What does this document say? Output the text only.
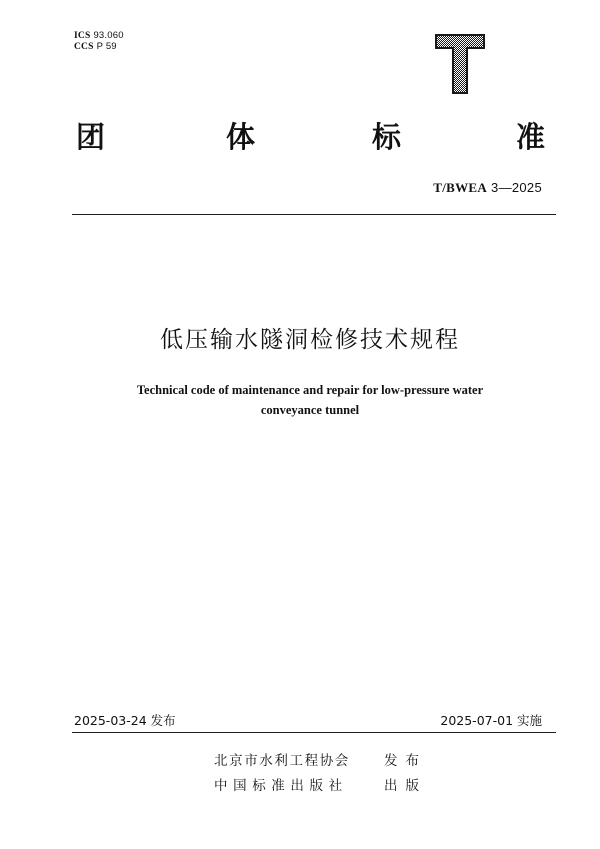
ICS 93.060
CCS P 59
团	体	标	准
T/BWEA 3—2025
低压输水隧洞检修技术规程
Technical code of maintenance and repair for low-pressure water
conveyance tunnel
2025-03-24 发布	2025-07-01 实施
北京市水利工程协会	发布
中国标准出版社	出版
